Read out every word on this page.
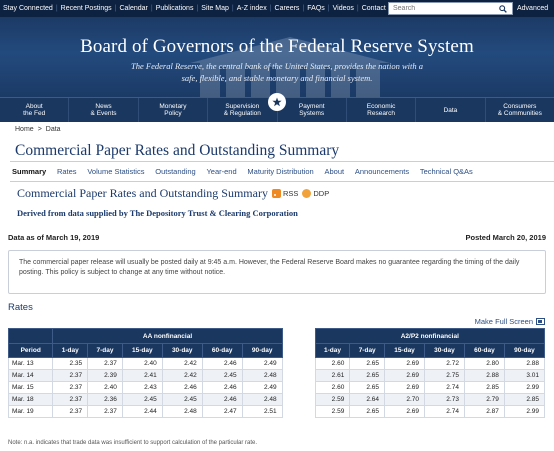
Stay Connected | Recent Postings | Calendar | Publications | Site Map | A-Z index | Careers | FAQs | Videos | Contact
Search	Advanced
Board of Governors of the Federal Reserve System
The Federal Reserve, the central bank of the United States, provides the nation with a
safe, flexible, and stable monetary and financial system.
About
the Fed
News
& Events
Monetary
Policy
Supervision
& Regulation
Payment
Systems
Economic
Research	Data	Consumers
& Communities
Home > Data
Commercial Paper Rates and Outstanding Summary
Summary	Rates	Volume Statistics	Outstanding	Year-end	Maturity Distribution	About	Announcements	Technical Q&As
Commercial Paper Rates and Outstanding Summary RSS DDP
Derived from data supplied by The Depository Trust & Clearing Corporation
Data as of March 19, 2019	Posted March 20, 2019
The commercial paper release will usually be posted daily at 9:45 a.m. However, the Federal Reserve Board makes no guarantee regarding the timing of the daily posting. This policy is subject to change at any time without notice.
Rates
Make Full Screen
	AA nonfinancial							A2/P2 nonfinancial					
Period	1-day	7-day	15-day	30-day	60-day	90-day		1-day	7-day	15-day	30-day	60-day	90-day
Mar. 13	2.35	2.37	2.40	2.42	2.46	2.49		2.60	2.65	2.69	2.72	2.80	2.88
Mar. 14	2.37	2.39	2.41	2.42	2.45	2.48		2.61	2.65	2.69	2.75	2.88	3.01
Mar. 15	2.37	2.40	2.43	2.46	2.46	2.49		2.60	2.65	2.69	2.74	2.85	2.99
Mar. 18	2.37	2.36	2.45	2.45	2.46	2.48		2.59	2.64	2.70	2.73	2.79	2.85
Mar. 19	2.37	2.37	2.44	2.48	2.47	2.51		2.59	2.65	2.69	2.74	2.87	2.99
Note: n.a. indicates that trade data was insufficient to support calculation of the particular rate.
